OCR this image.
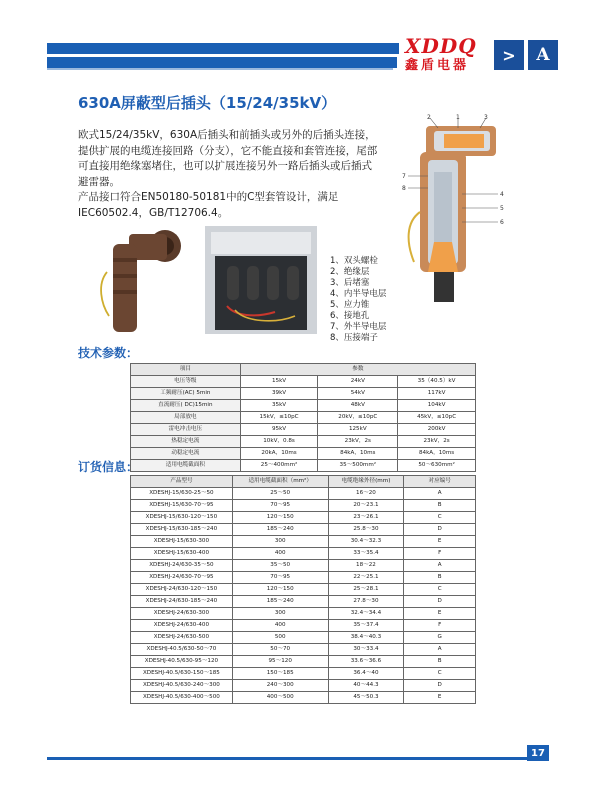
XDDQ
鑫盾电器
> A
630A屏蔽型后插头（15/24/35kV）

欧式15/24/35kV，630A后插头和前插头或另外的后插头连接，提供扩展的电缆连接回路（分支），它不能直接和套管连接，尾部可直接用绝缘塞堵住，也可以扩展连接另外一路后插头或后插式避雷器。

产品接口符合EN50180-50181中的C型套管设计，满足IEC60502.4，GB/T12706.4。

2	1	3
7
8
4
5
6
1、双头螺栓
2、绝缘层
3、后堵塞
4、内半导电层
5、应力锥
6、接地孔
7、外半导电层
8、压接端子
技术参数：
项目	参数		
电压等级	15kV	24kV	35（40.5）kV
工频耐压(AC) 5min	39kV	54kV	117kV
直流耐压( DC)15min	35kV	48kV	104kV
局部放电	15kV，≤10pC	20kV，≤10pC	45kV，≤10pC
雷电冲击电压	95kV	125kV	200kV
热稳定电流	10kV，0.8s	23kV，2s	23kV，2s
动稳定电流	20kA，10ms	84kA，10ms	84kA，10ms
适用电缆截面积	25～400mm²	35～500mm²	50～630mm²
订货信息：
产品型号	适用电缆截面积（mm²）	电缆绝缘外径(mm)	对应编号
XDESHJ-15/630-25～50	25～50	16～20	A
XDESHJ-15/630-70～95	70～95	20～23.1	B
XDESHJ-15/630-120～150	120～150	23～26.1	C
XDESHJ-15/630-185～240	185～240	25.8～30	D
XDESHJ-15/630-300	300	30.4～32.3	E
XDESHJ-15/630-400	400	33～35.4	F
XDESHJ-24/630-35～50	35～50	18～22	A
XDESHJ-24/630-70～95	70～95	22～25.1	B
XDESHJ-24/630-120～150	120～150	25～28.1	C
XDESHJ-24/630-185～240	185～240	27.8～30	D
XDESHJ-24/630-300	300	32.4～34.4	E
XDESHJ-24/630-400	400	35～37.4	F
XDESHJ-24/630-500	500	38.4～40.3	G
XDESHJ-40.5/630-50～70	50～70	30～33.4	A
XDESHJ-40.5/630-95～120	95～120	33.6～36.6	B
XDESHJ-40.5/630-150～185	150～185	36.4～40	C
XDESHJ-40.5/630-240～300	240～300	40～44.3	D
XDESHJ-40.5/630-400～500	400～500	45～50.3	E
17
